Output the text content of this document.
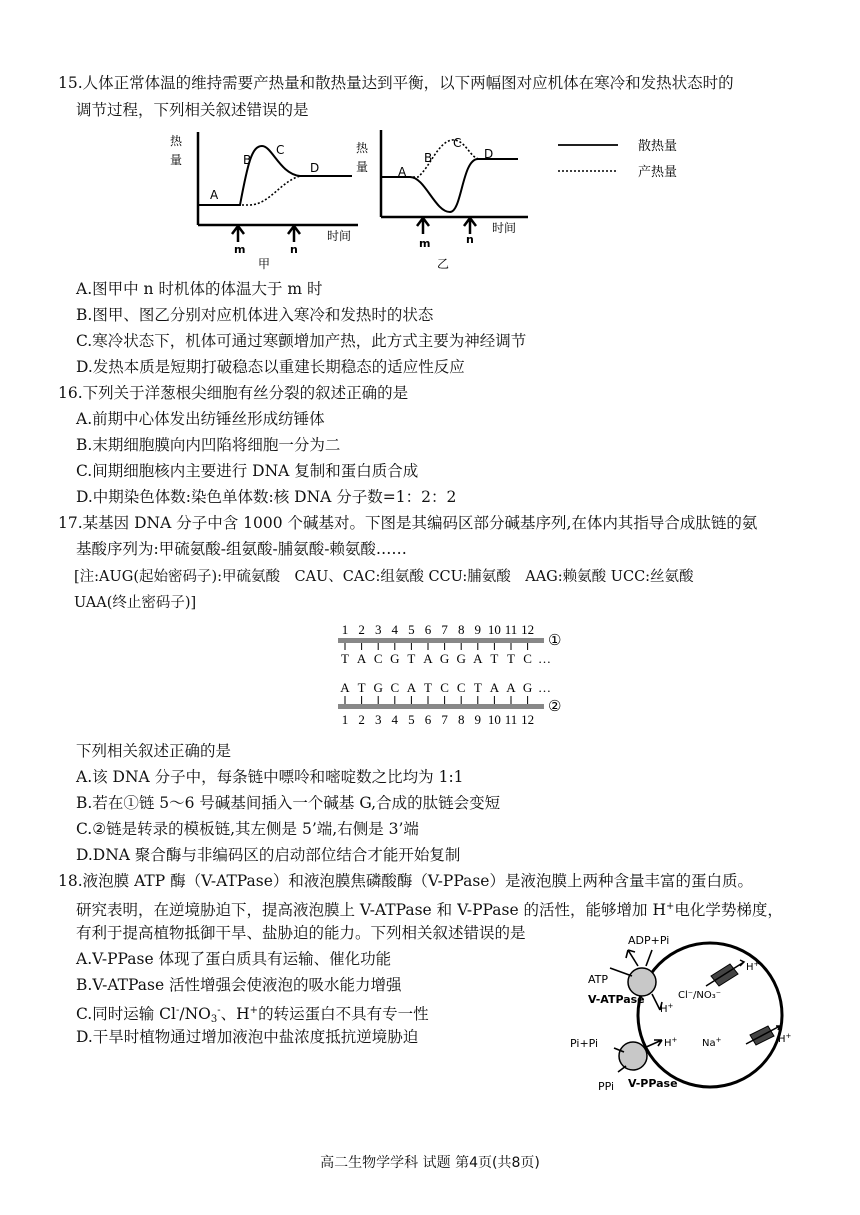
15.人体正常体温的维持需要产热量和散热量达到平衡，以下两幅图对应机体在寒冷和发热状态时的
调节过程，下列相关叙述错误的是
热
量
A
B
C
D
m	n
时间
甲
热
量 A
B
C
D
m	n
时间
乙
散热量
产热量
A.图甲中 n 时机体的体温大于 m 时
B.图甲、图乙分别对应机体进入寒冷和发热时的状态
C.寒冷状态下，机体可通过寒颤增加产热，此方式主要为神经调节
D.发热本质是短期打破稳态以重建长期稳态的适应性反应
16.下列关于洋葱根尖细胞有丝分裂的叙述正确的是
A.前期中心体发出纺锤丝形成纺锤体
B.末期细胞膜向内凹陷将细胞一分为二
C.间期细胞核内主要进行 DNA 复制和蛋白质合成
D.中期染色体数:染色单体数:核 DNA 分子数=1：2：2
17.某基因 DNA 分子中含 1000 个碱基对。下图是其编码区部分碱基序列,在体内其指导合成肽链的氨
基酸序列为:甲硫氨酸-组氨酸-脯氨酸-赖氨酸……
[注:AUG(起始密码子):甲硫氨酸　CAU、CAC:组氨酸 CCU:脯氨酸　AAG:赖氨酸 UCC:丝氨酸
UAA(终止密码子)]
1 2 3 4 5 6 7 8 9 10 11 12
T A C G T A G G A T T C …
①
A T G C A T C C T A A G …
1 2 3 4 5 6 7 8 9 10 11 12
②
下列相关叙述正确的是
A.该 DNA 分子中，每条链中嘌呤和嘧啶数之比均为 1:1
B.若在①链 5～6 号碱基间插入一个碱基 G,合成的肽链会变短
C.②链是转录的模板链,其左侧是 5’端,右侧是 3’端
D.DNA 聚合酶与非编码区的启动部位结合才能开始复制
18.液泡膜 ATP 酶（V-ATPase）和液泡膜焦磷酸酶（V-PPase）是液泡膜上两种含量丰富的蛋白质。
研究表明，在逆境胁迫下，提高液泡膜上 V-ATPase 和 V-PPase 的活性，能够增加 H+电化学势梯度，
有利于提高植物抵御干旱、盐胁迫的能力。下列相关叙述错误的是
A.V-PPase 体现了蛋白质具有运输、催化功能
B.V-ATPase 活性增强会使液泡的吸水能力增强
C.同时运输 $Cl^-/NO_3^-$、H+的转运蛋白不具有专一性
D.干旱时植物通过增加液泡中盐浓度抵抗逆境胁迫
ADP+Pi
ATP
V-ATPase
H+
H+
Cl⁻/NO₃⁻
Na+	H+
Pi+Pi
PPi V-PPase
H+
高二生物学学科 试题 第4页(共8页)
